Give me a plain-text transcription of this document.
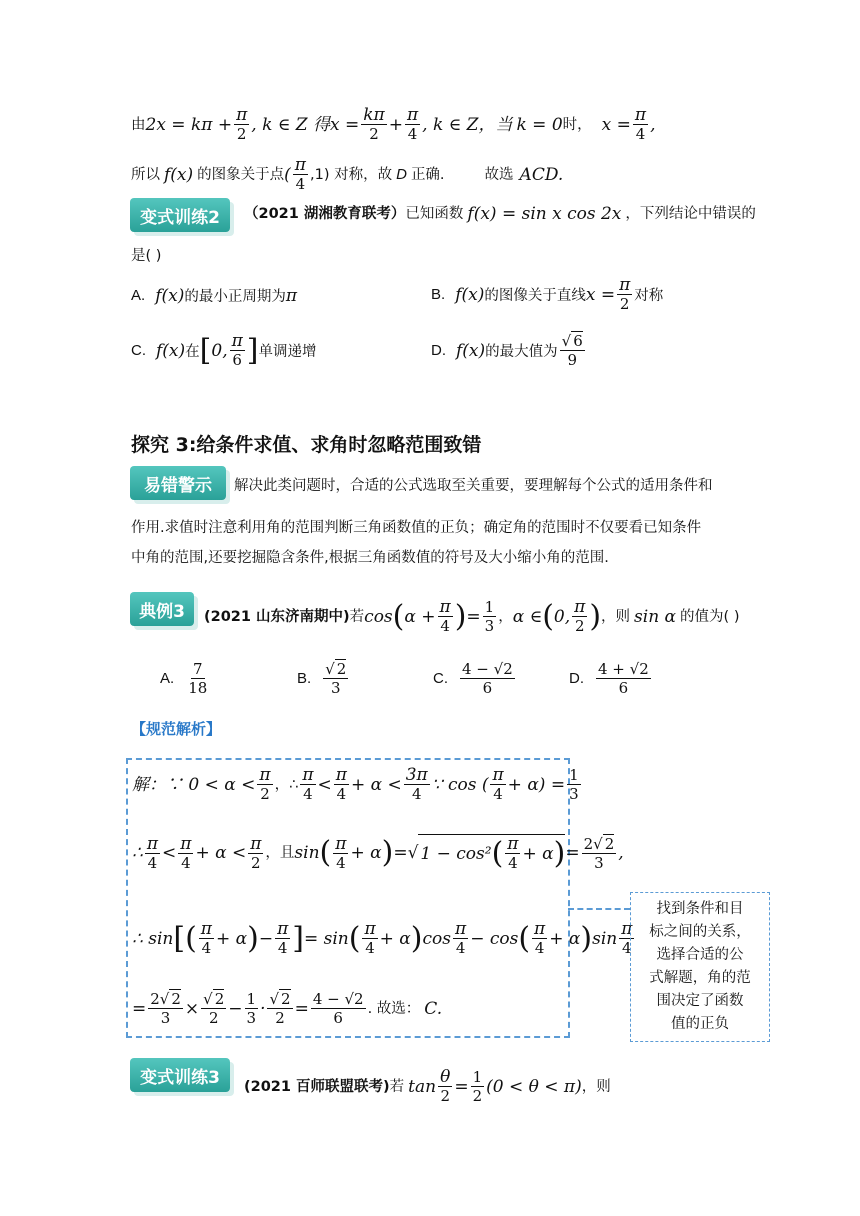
由 $2x = k\pi + \frac{\pi}{2}$ , k ∈ Z 得 $x = \frac{k\pi}{2} + \frac{\pi}{4}$ , k ∈ Z，当 k = 0 时， $x = \frac{\pi}{4}$ ,
所以 f(x) 的图象关于点 ( $\frac{\pi}{4} ,1$) 对称，故 D 正确.	故选 ACD.
变式训练2	（2021 湖湘教育联考） 已知函数 f(x) = sin x cos 2x ，下列结论中错误的
是( )
A. f(x) 的最小正周期为 π	B. f(x) 的图像关于直线 $x = \frac{\pi}{2}$ 对称
C. f(x) 在 [ 0, $\frac{\pi}{6}$ ] 单调递增	D. f(x) 的最大值为 $\frac{√ 6}{9}$
探究 3:给条件求值、求角时忽略范围致错
易错警示	解决此类问题时，合适的公式选取至关重要，要理解每个公式的适用条件和
作用.求值时注意利用角的范围判断三角函数值的正负；确定角的范围时不仅要看已知条件
中角的范围,还要挖掘隐含条件,根据三角函数值的符号及大小缩小角的范围.
典例3	(2021 山东济南期中) 若 cos ( $\alpha + \frac{\pi}{4}$ ) = $\frac{1}{3}$ ， α ∈ ( 0, $\frac{\pi}{2}$ ) ，则 sin α 的值为( )
A. $\frac{7}{18}$	B. $\frac{√ 2}{3}$	C. $\frac{4 - √2}{6}$	D. $\frac{4 + √2}{6}$
【规范解析】
解：∵ $0 < \alpha < \frac{\pi}{2}$ ，∴ $\frac{\pi}{4} < \frac{\pi}{4} + \alpha < \frac{3\pi}{4}$ ∵ cos ( $\frac{\pi}{4} + \alpha) = \frac{1}{3}$
∴ $\frac{\pi}{4} < \frac{\pi}{4} + \alpha < \frac{\pi}{2}$ ，且 sin ( $\frac{\pi}{4} + \alpha$ ) = √ 1 − cos² ( $\frac{\pi}{4} + \alpha$ ) = $\frac{2√ 2}{3}$ ,
∴ sin [ ( $\frac{\pi}{4} + \alpha$ ) − $\frac{\pi}{4}$ ] = sin ( $\frac{\pi}{4} + \alpha$ ) $\cos \frac{\pi}{4} - \cos$ ( $\frac{\pi}{4} + \alpha$ ) $\sin \frac{\pi}{4}$
= $\frac{2√ 2}{3} \times \frac{√ 2}{2} - \frac{1}{3} \cdot \frac{√ 2}{2} = \frac{4 - √2}{6}$ . 故选： C.
找到条件和目
标之间的关系，
选择合适的公
式解题，角的范
围决定了函数
值的正负
变式训练3	(2021 百师联盟联考) 若 $\tan \frac{\theta}{2} = \frac{1}{2} (0 < \theta < \pi)$ ，则
